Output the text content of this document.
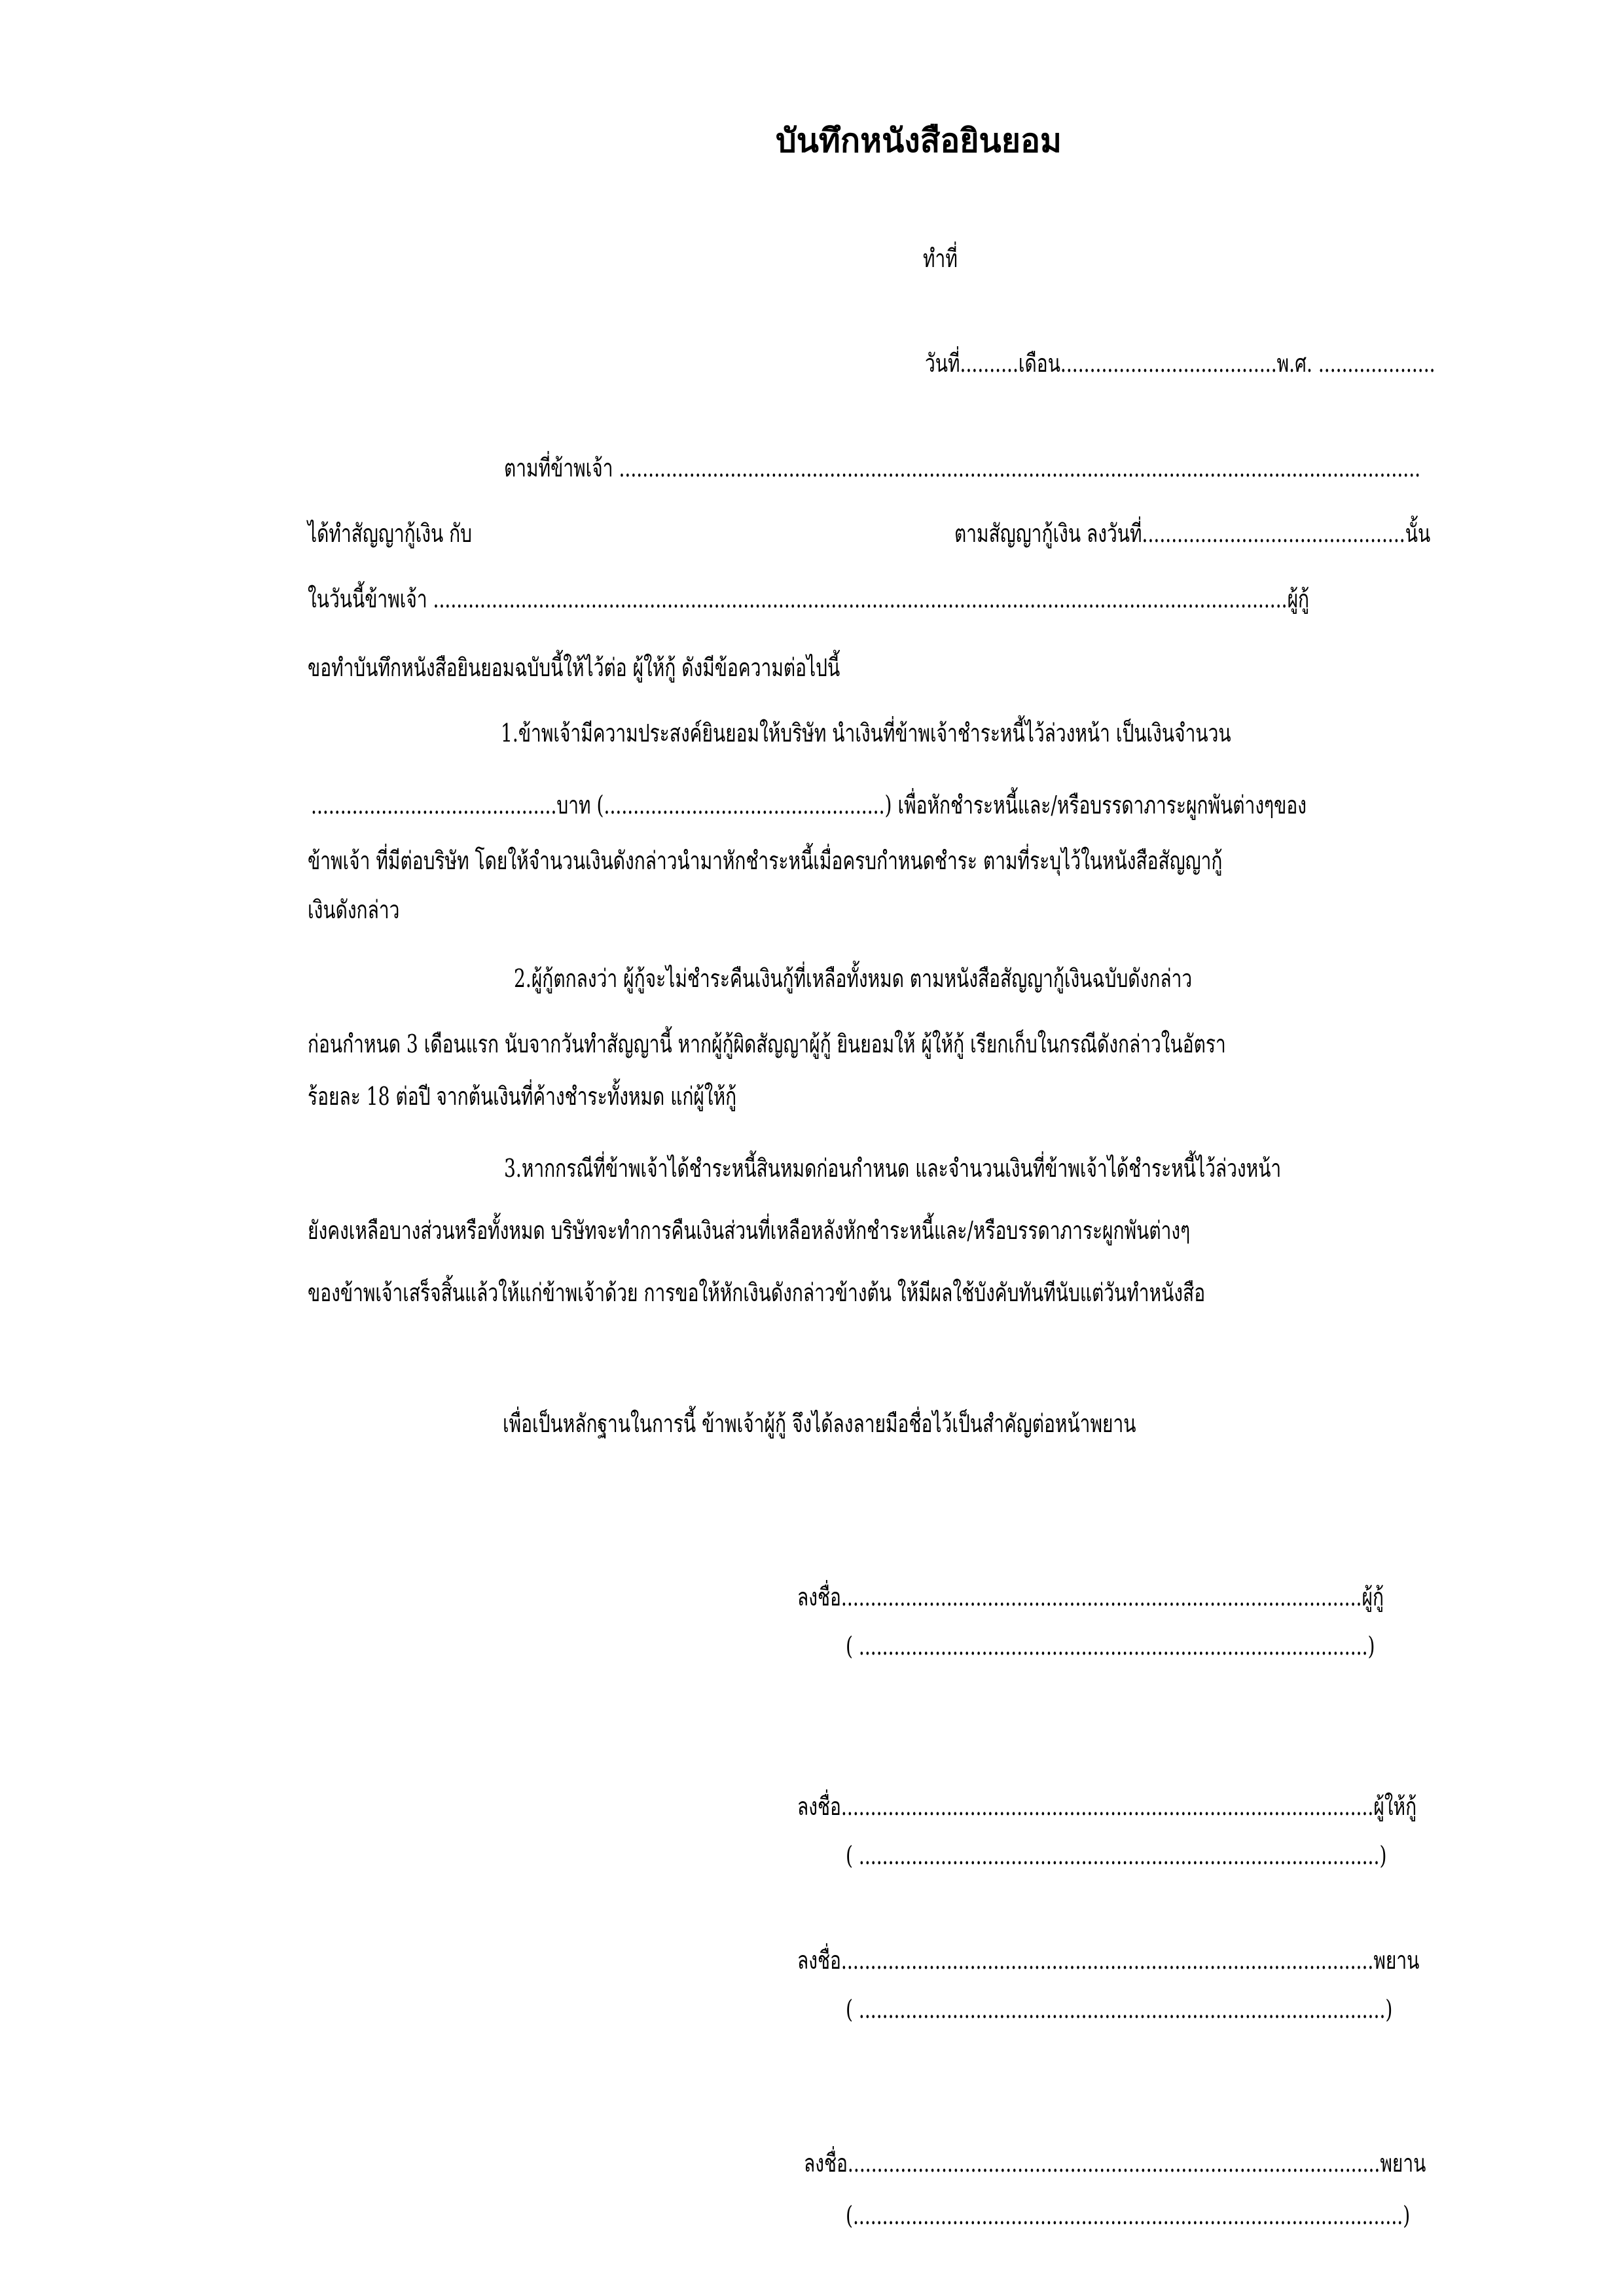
บันทึกหนังสือยินยอม
ทำที่
วันที่..........เดือน.....................................พ.ศ. ....................
ตามที่ข้าพเจ้า .........................................................................................................................................
ได้ทำสัญญากู้เงิน กับ	ตามสัญญากู้เงิน ลงวันที่.............................................นั้น
ในวันนี้ข้าพเจ้า ..................................................................................................................................................ผู้กู้
ขอทำบันทึกหนังสือยินยอมฉบับนี้ให้ไว้ต่อ ผู้ให้กู้ ดังมีข้อความต่อไปนี้
1.ข้าพเจ้ามีความประสงค์ยินยอมให้บริษัท นำเงินที่ข้าพเจ้าชำระหนี้ไว้ล่วงหน้า เป็นเงินจำนวน
..........................................บาท (................................................) เพื่อหักชำระหนี้และ/หรือบรรดาภาระผูกพันต่างๆของ
ข้าพเจ้า ที่มีต่อบริษัท โดยให้จำนวนเงินดังกล่าวนำมาหักชำระหนี้เมื่อครบกำหนดชำระ ตามที่ระบุไว้ในหนังสือสัญญากู้
เงินดังกล่าว
2.ผู้กู้ตกลงว่า ผู้กู้จะไม่ชำระคืนเงินกู้ที่เหลือทั้งหมด ตามหนังสือสัญญากู้เงินฉบับดังกล่าว
ก่อนกำหนด 3 เดือนแรก นับจากวันทำสัญญานี้ หากผู้กู้ผิดสัญญาผู้กู้ ยินยอมให้ ผู้ให้กู้ เรียกเก็บในกรณีดังกล่าวในอัตรา
ร้อยละ 18 ต่อปี จากต้นเงินที่ค้างชำระทั้งหมด แก่ผู้ให้กู้
3.หากกรณีที่ข้าพเจ้าได้ชำระหนี้สินหมดก่อนกำหนด และจำนวนเงินที่ข้าพเจ้าได้ชำระหนี้ไว้ล่วงหน้า
ยังคงเหลือบางส่วนหรือทั้งหมด บริษัทจะทำการคืนเงินส่วนที่เหลือหลังหักชำระหนี้และ/หรือบรรดาภาระผูกพันต่างๆ
ของข้าพเจ้าเสร็จสิ้นแล้วให้แก่ข้าพเจ้าด้วย การขอให้หักเงินดังกล่าวข้างต้น ให้มีผลใช้บังคับทันทีนับแต่วันทำหนังสือ
เพื่อเป็นหลักฐานในการนี้ ข้าพเจ้าผู้กู้ จึงได้ลงลายมือชื่อไว้เป็นสำคัญต่อหน้าพยาน
ลงชื่อ.........................................................................................ผู้กู้
( .......................................................................................)
ลงชื่อ...........................................................................................ผู้ให้กู้
( .........................................................................................)
ลงชื่อ...........................................................................................พยาน
( ..........................................................................................)
ลงชื่อ...........................................................................................พยาน
(..............................................................................................)
